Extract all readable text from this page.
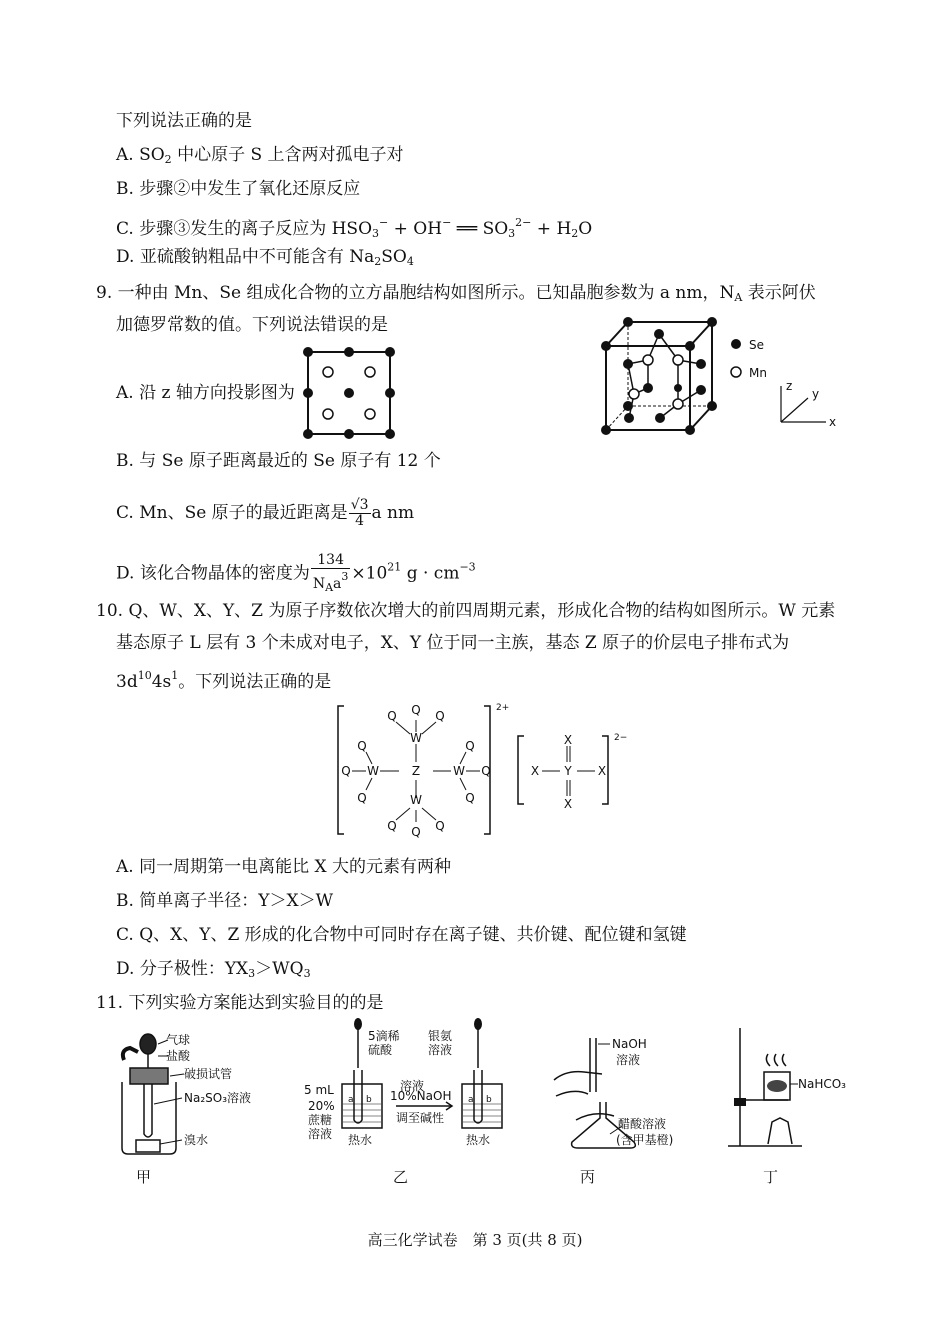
下列说法正确的是
A. $SO_2$ 中心原子 S 上含两对孤电子对
B. 步骤②中发生了氧化还原反应
C. 步骤③发生的离子反应为 $HSO_3^- + OH^-$ ══ $SO_3^{2-} + H_2O$
D. 亚硫酸钠粗品中不可能含有 $Na_2SO_4$
9. 一种由 Mn、Se 组成化合物的立方晶胞结构如图所示。已知晶胞参数为 a nm，$N_A$ 表示阿伏
加德罗常数的值。下列说法错误的是
A. 沿 z 轴方向投影图为
Se
Mn
z
y
x
B. 与 Se 原子距离最近的 Se 原子有 12 个
C. Mn、Se 原子的最近距离是 $\frac{√3}{4}$ a nm
D. 该化合物晶体的密度为 $\frac{134}{N_Aa^3} \times 10^{21}$ $g \cdot cm^{-3}$
10. Q、W、X、Y、Z 为原子序数依次增大的前四周期元素，形成化合物的结构如图所示。W 元素
基态原子 L 层有 3 个未成对电子，X、Y 位于同一主族，基态 Z 原子的价层电子排布式为
$3d^{10}4s^1$。下列说法正确的是
W
W
W	W
Z
Q	Q
Q Q Q
Q Q Q
Q
Q
Q
Q
Y
X
X
X	X
2+
2−
A. 同一周期第一电离能比 X 大的元素有两种
B. 简单离子半径：Y＞X＞W
C. Q、X、Y、Z 形成的化合物中可同时存在离子键、共价键、配位键和氢键
D. 分子极性：$YX_3>WQ_3$
11. 下列实验方案能达到实验目的的是
气球
盐酸
破损试管
Na₂SO₃溶液
溴水
a b	a b
5 mL
20%
蔗糖
溶液
5滴稀
硫酸
银氨
溶液
10%NaOH
溶液
调至碱性
热水	热水
NaOH
溶液
醋酸溶液
(含甲基橙)
NaHCO₃
甲	乙	丙	丁
高三化学试卷　第 3 页(共 8 页)
